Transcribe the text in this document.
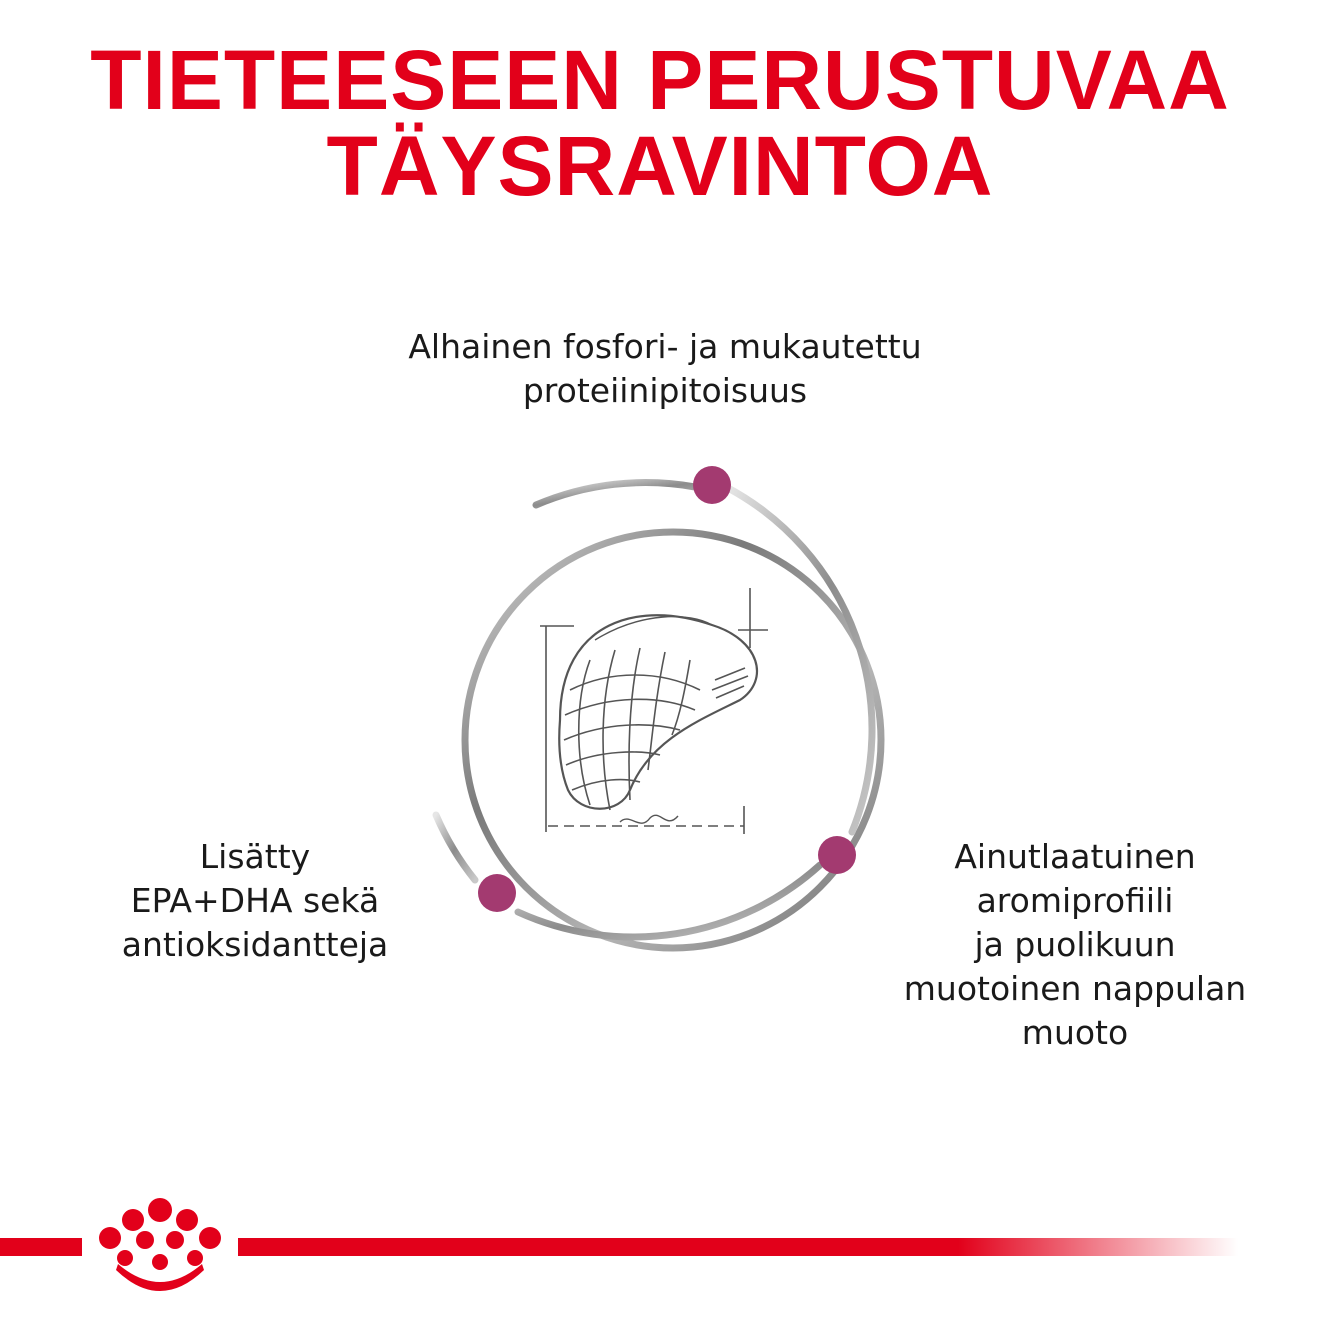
TIETEESEEN PERUSTUVAA
TÄYSRAVINTOA
Alhainen fosfori- ja mukautettu
proteiinipitoisuus
Lisätty
EPA+DHA sekä
antioksidantteja
Ainutlaatuinen
aromiprofiili
ja puolikuun
muotoinen nappulan
muoto
